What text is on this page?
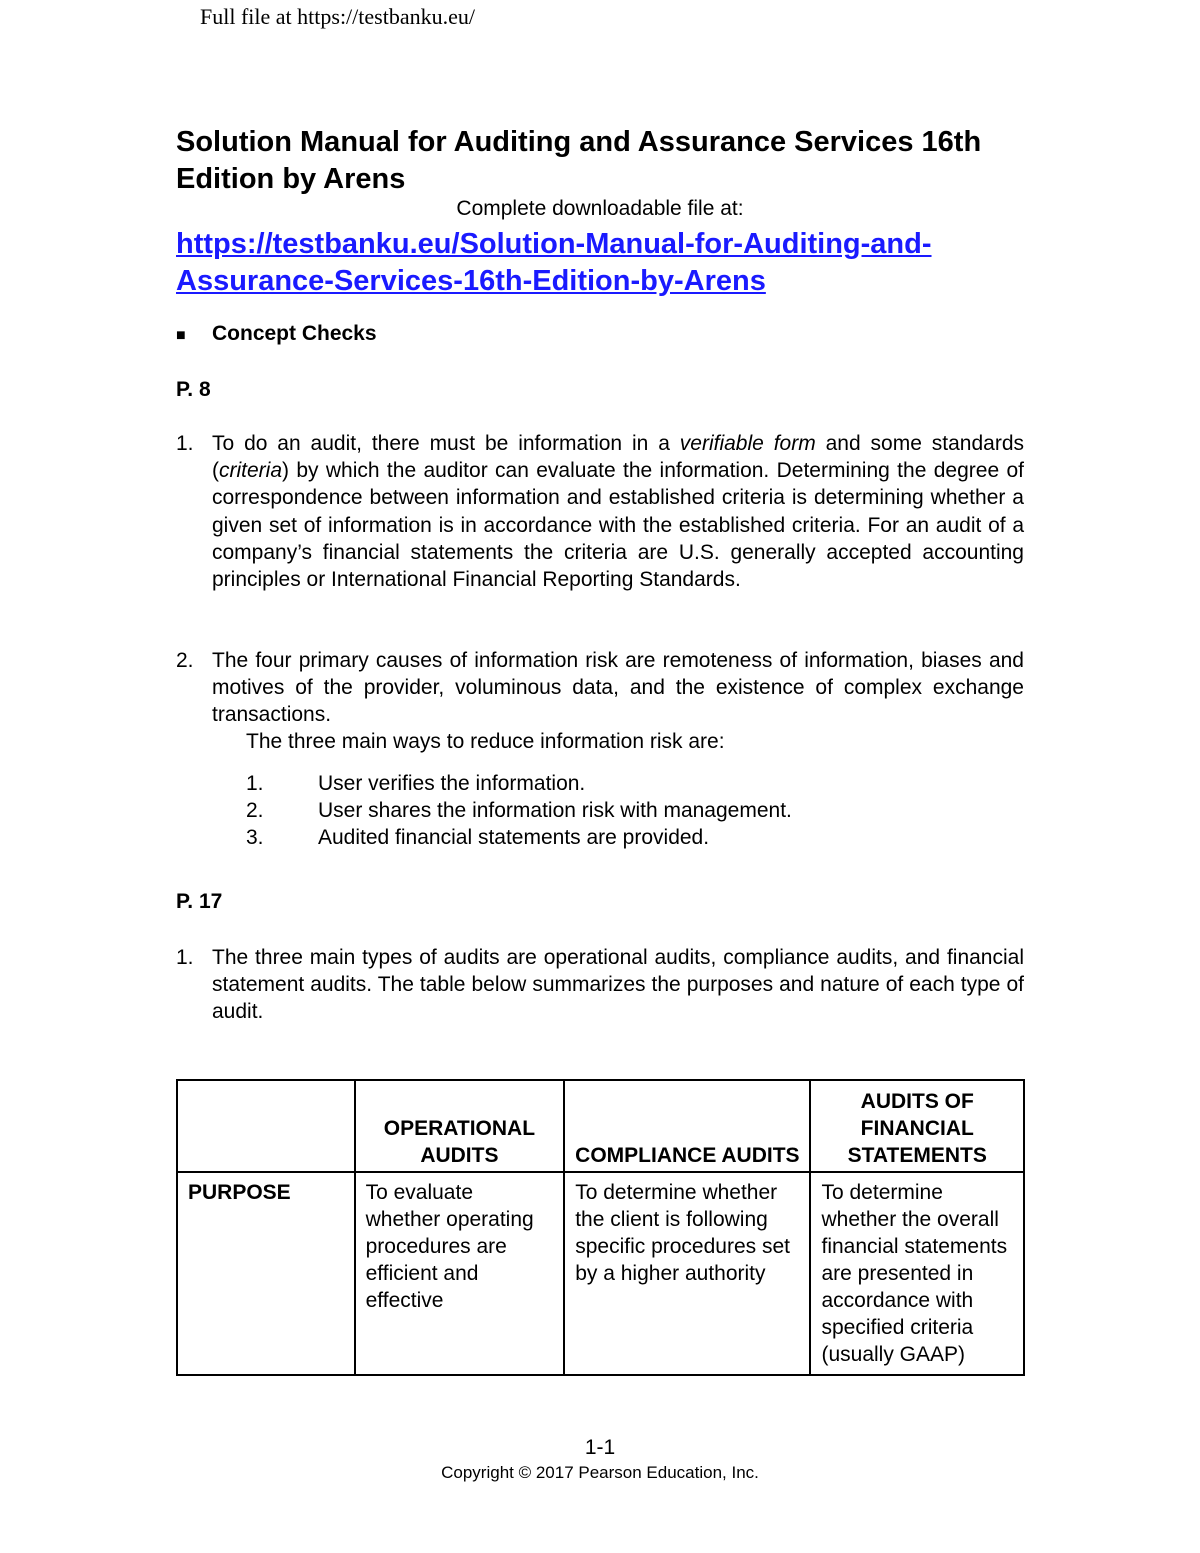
Full file at https://testbanku.eu/
Solution Manual for Auditing and Assurance Services 16th Edition by Arens
Complete downloadable file at:
https://testbanku.eu/Solution-Manual-for-Auditing-and-Assurance-Services-16th-Edition-by-Arens
■ Concept Checks
P. 8
1. To do an audit, there must be information in a verifiable form and some standards (criteria) by which the auditor can evaluate the information. Determining the degree of correspondence between information and established criteria is determining whether a given set of information is in accordance with the established criteria. For an audit of a company’s financial statements the criteria are U.S. generally accepted accounting principles or International Financial Reporting Standards.
2. The four primary causes of information risk are remoteness of information, biases and motives of the provider, voluminous data, and the existence of complex exchange transactions.
The three main ways to reduce information risk are:
1.	User verifies the information.
2.	User shares the information risk with management.
3.	Audited financial statements are provided.
P. 17
1. The three main types of audits are operational audits, compliance audits, and financial statement audits. The table below summarizes the purposes and nature of each type of audit.
	OPERATIONAL AUDITS	COMPLIANCE AUDITS	AUDITS OF FINANCIAL STATEMENTS
PURPOSE	To evaluate whether operating procedures are efficient and effective	To determine whether the client is following specific procedures set by a higher authority	To determine whether the overall financial statements are presented in accordance with specified criteria (usually GAAP)
1-1
Copyright © 2017 Pearson Education, Inc.
